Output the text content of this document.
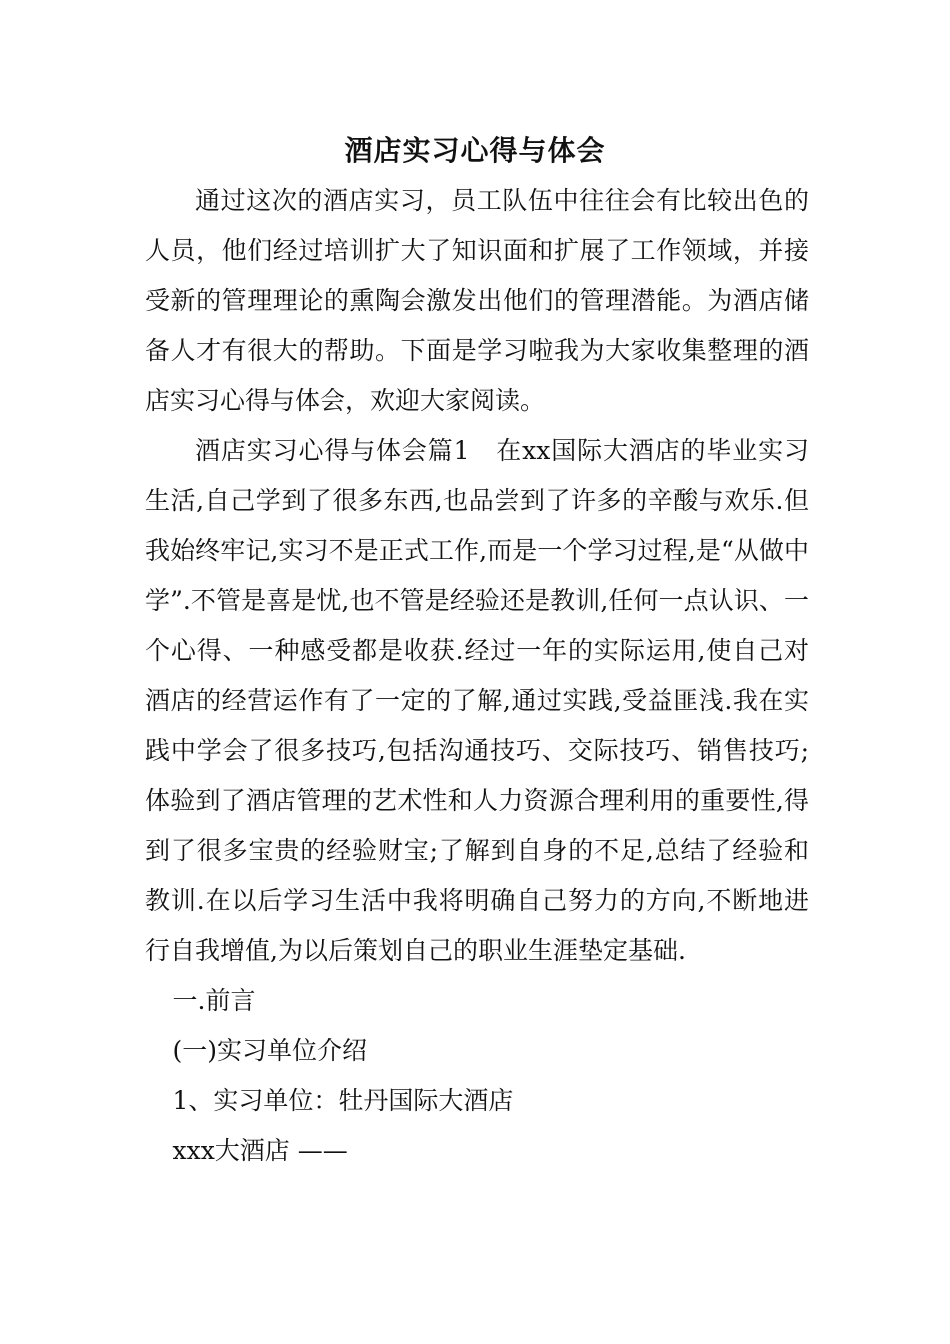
酒店实习心得与体会

通过这次的酒店实习，员工队伍中往往会有比较出色的人员，他们经过培训扩大了知识面和扩展了工作领域，并接受新的管理理论的熏陶会激发出他们的管理潜能。为酒店储备人才有很大的帮助。下面是学习啦我为大家收集整理的酒店实习心得与体会，欢迎大家阅读。

酒店实习心得与体会篇1　在xx国际大酒店的毕业实习生活,自己学到了很多东西,也品尝到了许多的辛酸与欢乐.但我始终牢记,实习不是正式工作,而是一个学习过程,是“从做中学”.不管是喜是忧,也不管是经验还是教训,任何一点认识、一个心得、一种感受都是收获.经过一年的实际运用,使自己对酒店的经营运作有了一定的了解,通过实践,受益匪浅.我在实践中学会了很多技巧,包括沟通技巧、交际技巧、销售技巧;体验到了酒店管理的艺术性和人力资源合理利用的重要性,得到了很多宝贵的经验财宝;了解到自身的不足,总结了经验和教训.在以后学习生活中我将明确自己努力的方向,不断地进行自我增值,为以后策划自己的职业生涯垫定基础.

一.前言

(一)实习单位介绍

1、实习单位：牡丹国际大酒店

xxx大酒店 ——
